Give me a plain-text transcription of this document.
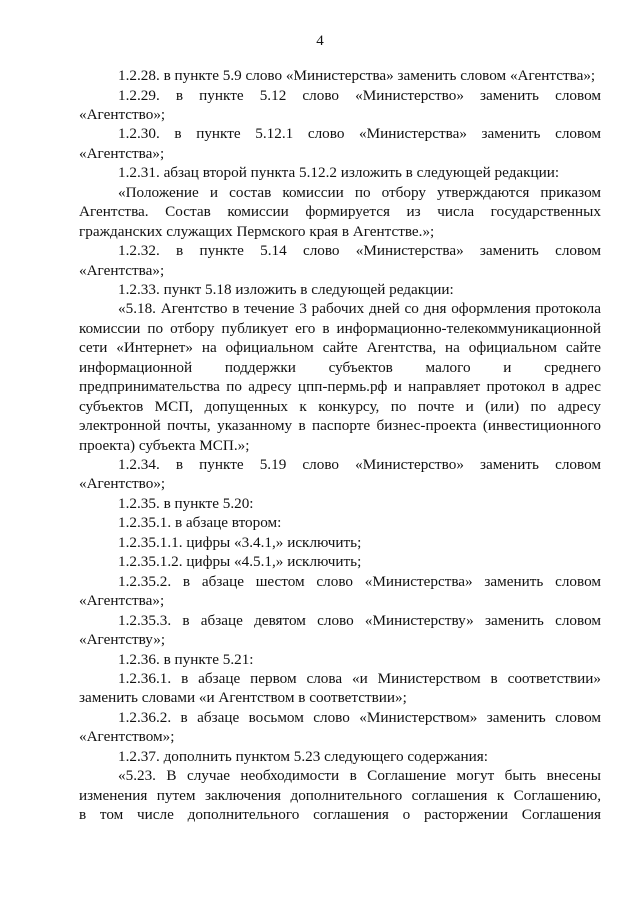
4
1.2.28. в пункте 5.9 слово «Министерства» заменить словом «Агентства»;
1.2.29. в пункте 5.12 слово «Министерство» заменить словом
«Агентство»;
1.2.30. в пункте 5.12.1 слово «Министерства» заменить словом
«Агентства»;
1.2.31. абзац второй пункта 5.12.2 изложить в следующей редакции:
«Положение и состав комиссии по отбору утверждаются приказом
Агентства. Состав комиссии формируется из числа государственных
гражданских служащих Пермского края в Агентстве.»;
1.2.32. в пункте 5.14 слово «Министерства» заменить словом
«Агентства»;
1.2.33. пункт 5.18 изложить в следующей редакции:
«5.18. Агентство в течение 3 рабочих дней со дня оформления протокола
комиссии по отбору публикует его в информационно-телекоммуникационной
сети «Интернет» на официальном сайте Агентства, на официальном сайте
информационной поддержки субъектов малого и среднего
предпринимательства по адресу цпп-пермь.рф и направляет протокол в адрес
субъектов МСП, допущенных к конкурсу, по почте и (или) по адресу
электронной почты, указанному в паспорте бизнес-проекта (инвестиционного
проекта) субъекта МСП.»;
1.2.34. в пункте 5.19 слово «Министерство» заменить словом
«Агентство»;
1.2.35. в пункте 5.20:
1.2.35.1. в абзаце втором:
1.2.35.1.1. цифры «3.4.1,» исключить;
1.2.35.1.2. цифры «4.5.1,» исключить;
1.2.35.2. в абзаце шестом слово «Министерства» заменить словом
«Агентства»;
1.2.35.3. в абзаце девятом слово «Министерству» заменить словом
«Агентству»;
1.2.36. в пункте 5.21:
1.2.36.1. в абзаце первом слова «и Министерством в соответствии»
заменить словами «и Агентством в соответствии»;
1.2.36.2. в абзаце восьмом слово «Министерством» заменить словом
«Агентством»;
1.2.37. дополнить пунктом 5.23 следующего содержания:
«5.23. В случае необходимости в Соглашение могут быть внесены
изменения путем заключения дополнительного соглашения к Соглашению,
в том числе дополнительного соглашения о расторжении Соглашения
